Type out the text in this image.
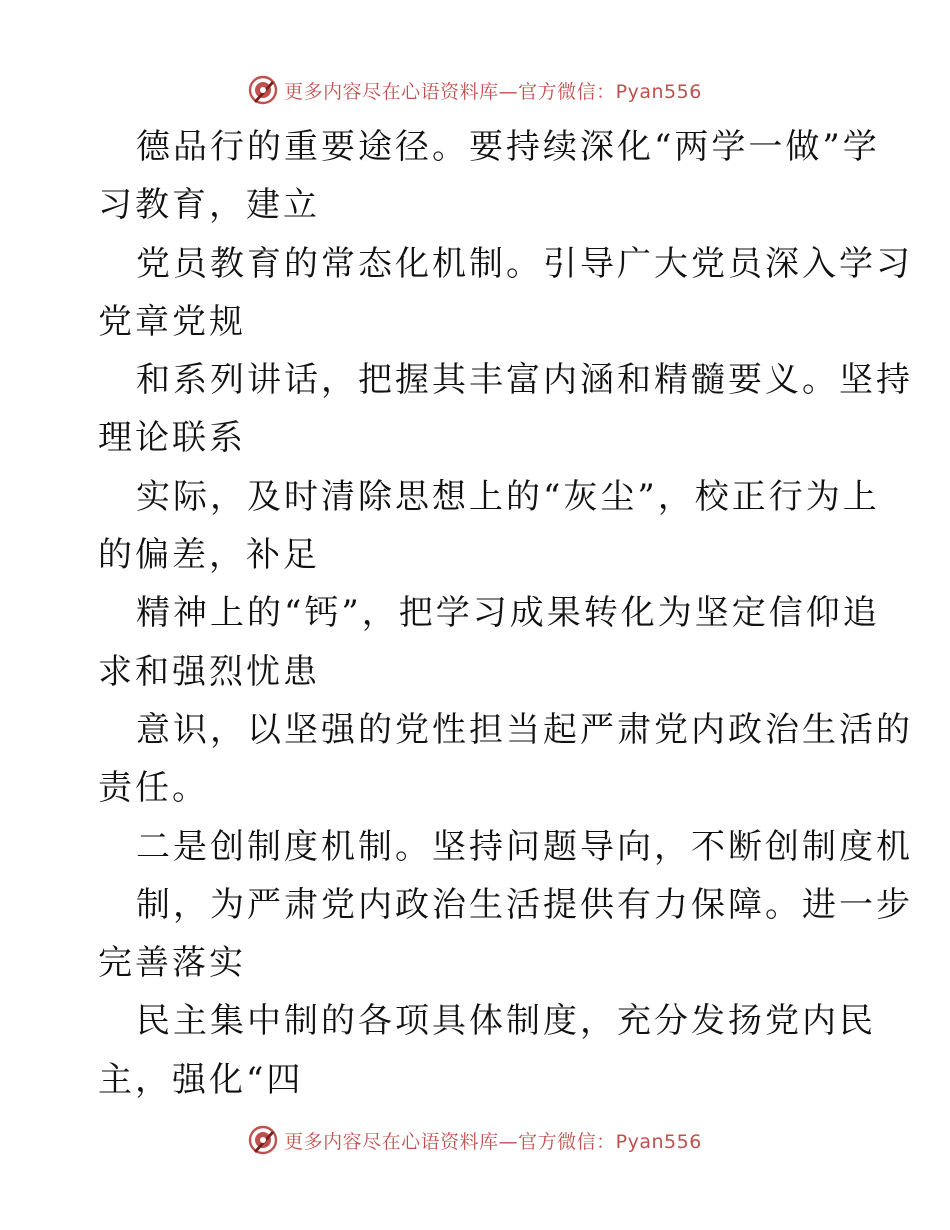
更多内容尽在心语资料库—官方微信：Pyan556
德品行的重要途径。要持续深化“两学一做”学
习教育，建立
党员教育的常态化机制。引导广大党员深入学习
党章党规
和系列讲话，把握其丰富内涵和精髓要义。坚持
理论联系
实际，及时清除思想上的“灰尘”，校正行为上
的偏差，补足
精神上的“钙”，把学习成果转化为坚定信仰追
求和强烈忧患
意识，以坚强的党性担当起严肃党内政治生活的
责任。
二是创制度机制。坚持问题导向，不断创制度机
制，为严肃党内政治生活提供有力保障。进一步
完善落实
民主集中制的各项具体制度，充分发扬党内民
主，强化“四
更多内容尽在心语资料库—官方微信：Pyan556
